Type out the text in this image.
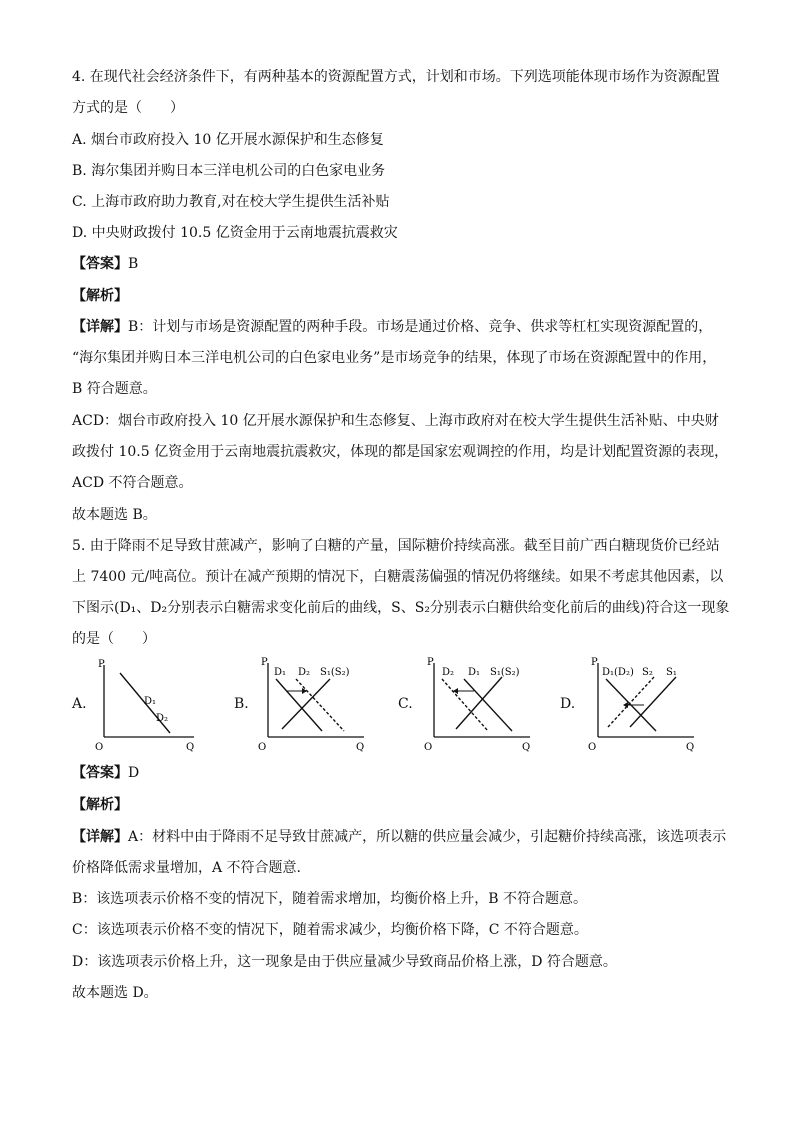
4. 在现代社会经济条件下，有两种基本的资源配置方式，计划和市场。下列选项能体现市场作为资源配置
方式的是（　　）
A. 烟台市政府投入 10 亿开展水源保护和生态修复
B. 海尔集团并购日本三洋电机公司的白色家电业务
C. 上海市政府助力教育,对在校大学生提供生活补贴
D. 中央财政拨付 10.5 亿资金用于云南地震抗震救灾
【答案】B
【解析】
【详解】B：计划与市场是资源配置的两种手段。市场是通过价格、竞争、供求等杠杠实现资源配置的，
“海尔集团并购日本三洋电机公司的白色家电业务”是市场竞争的结果，体现了市场在资源配置中的作用，
B 符合题意。
ACD：烟台市政府投入 10 亿开展水源保护和生态修复、上海市政府对在校大学生提供生活补贴、中央财
政拨付 10.5 亿资金用于云南地震抗震救灾，体现的都是国家宏观调控的作用，均是计划配置资源的表现，
ACD 不符合题意。
故本题选 B。
5. 由于降雨不足导致甘蔗减产，影响了白糖的产量，国际糖价持续高涨。截至目前广西白糖现货价已经站
上 7400 元/吨高位。预计在减产预期的情况下，白糖震荡偏强的情况仍将继续。如果不考虑其他因素，以
下图示(D₁、D₂分别表示白糖需求变化前后的曲线，S、S₂分别表示白糖供给变化前后的曲线)符合这一现象
的是（　　）
A.
P
Q
O
D₁
D₂
B.
P
Q
O
D₁ D₂ S₁(S₂)
C.
P
Q
O
D₂ D₁ S₁(S₂)
D.
P
Q
O
D₁(D₂) S₂ S₁
【答案】D
【解析】
【详解】A：材料中由于降雨不足导致甘蔗减产，所以糖的供应量会减少，引起糖价持续高涨，该选项表示
价格降低需求量增加，A 不符合题意.
B：该选项表示价格不变的情况下，随着需求增加，均衡价格上升，B 不符合题意。
C：该选项表示价格不变的情况下，随着需求减少，均衡价格下降，C 不符合题意。
D：该选项表示价格上升，这一现象是由于供应量减少导致商品价格上涨，D 符合题意。
故本题选 D。
